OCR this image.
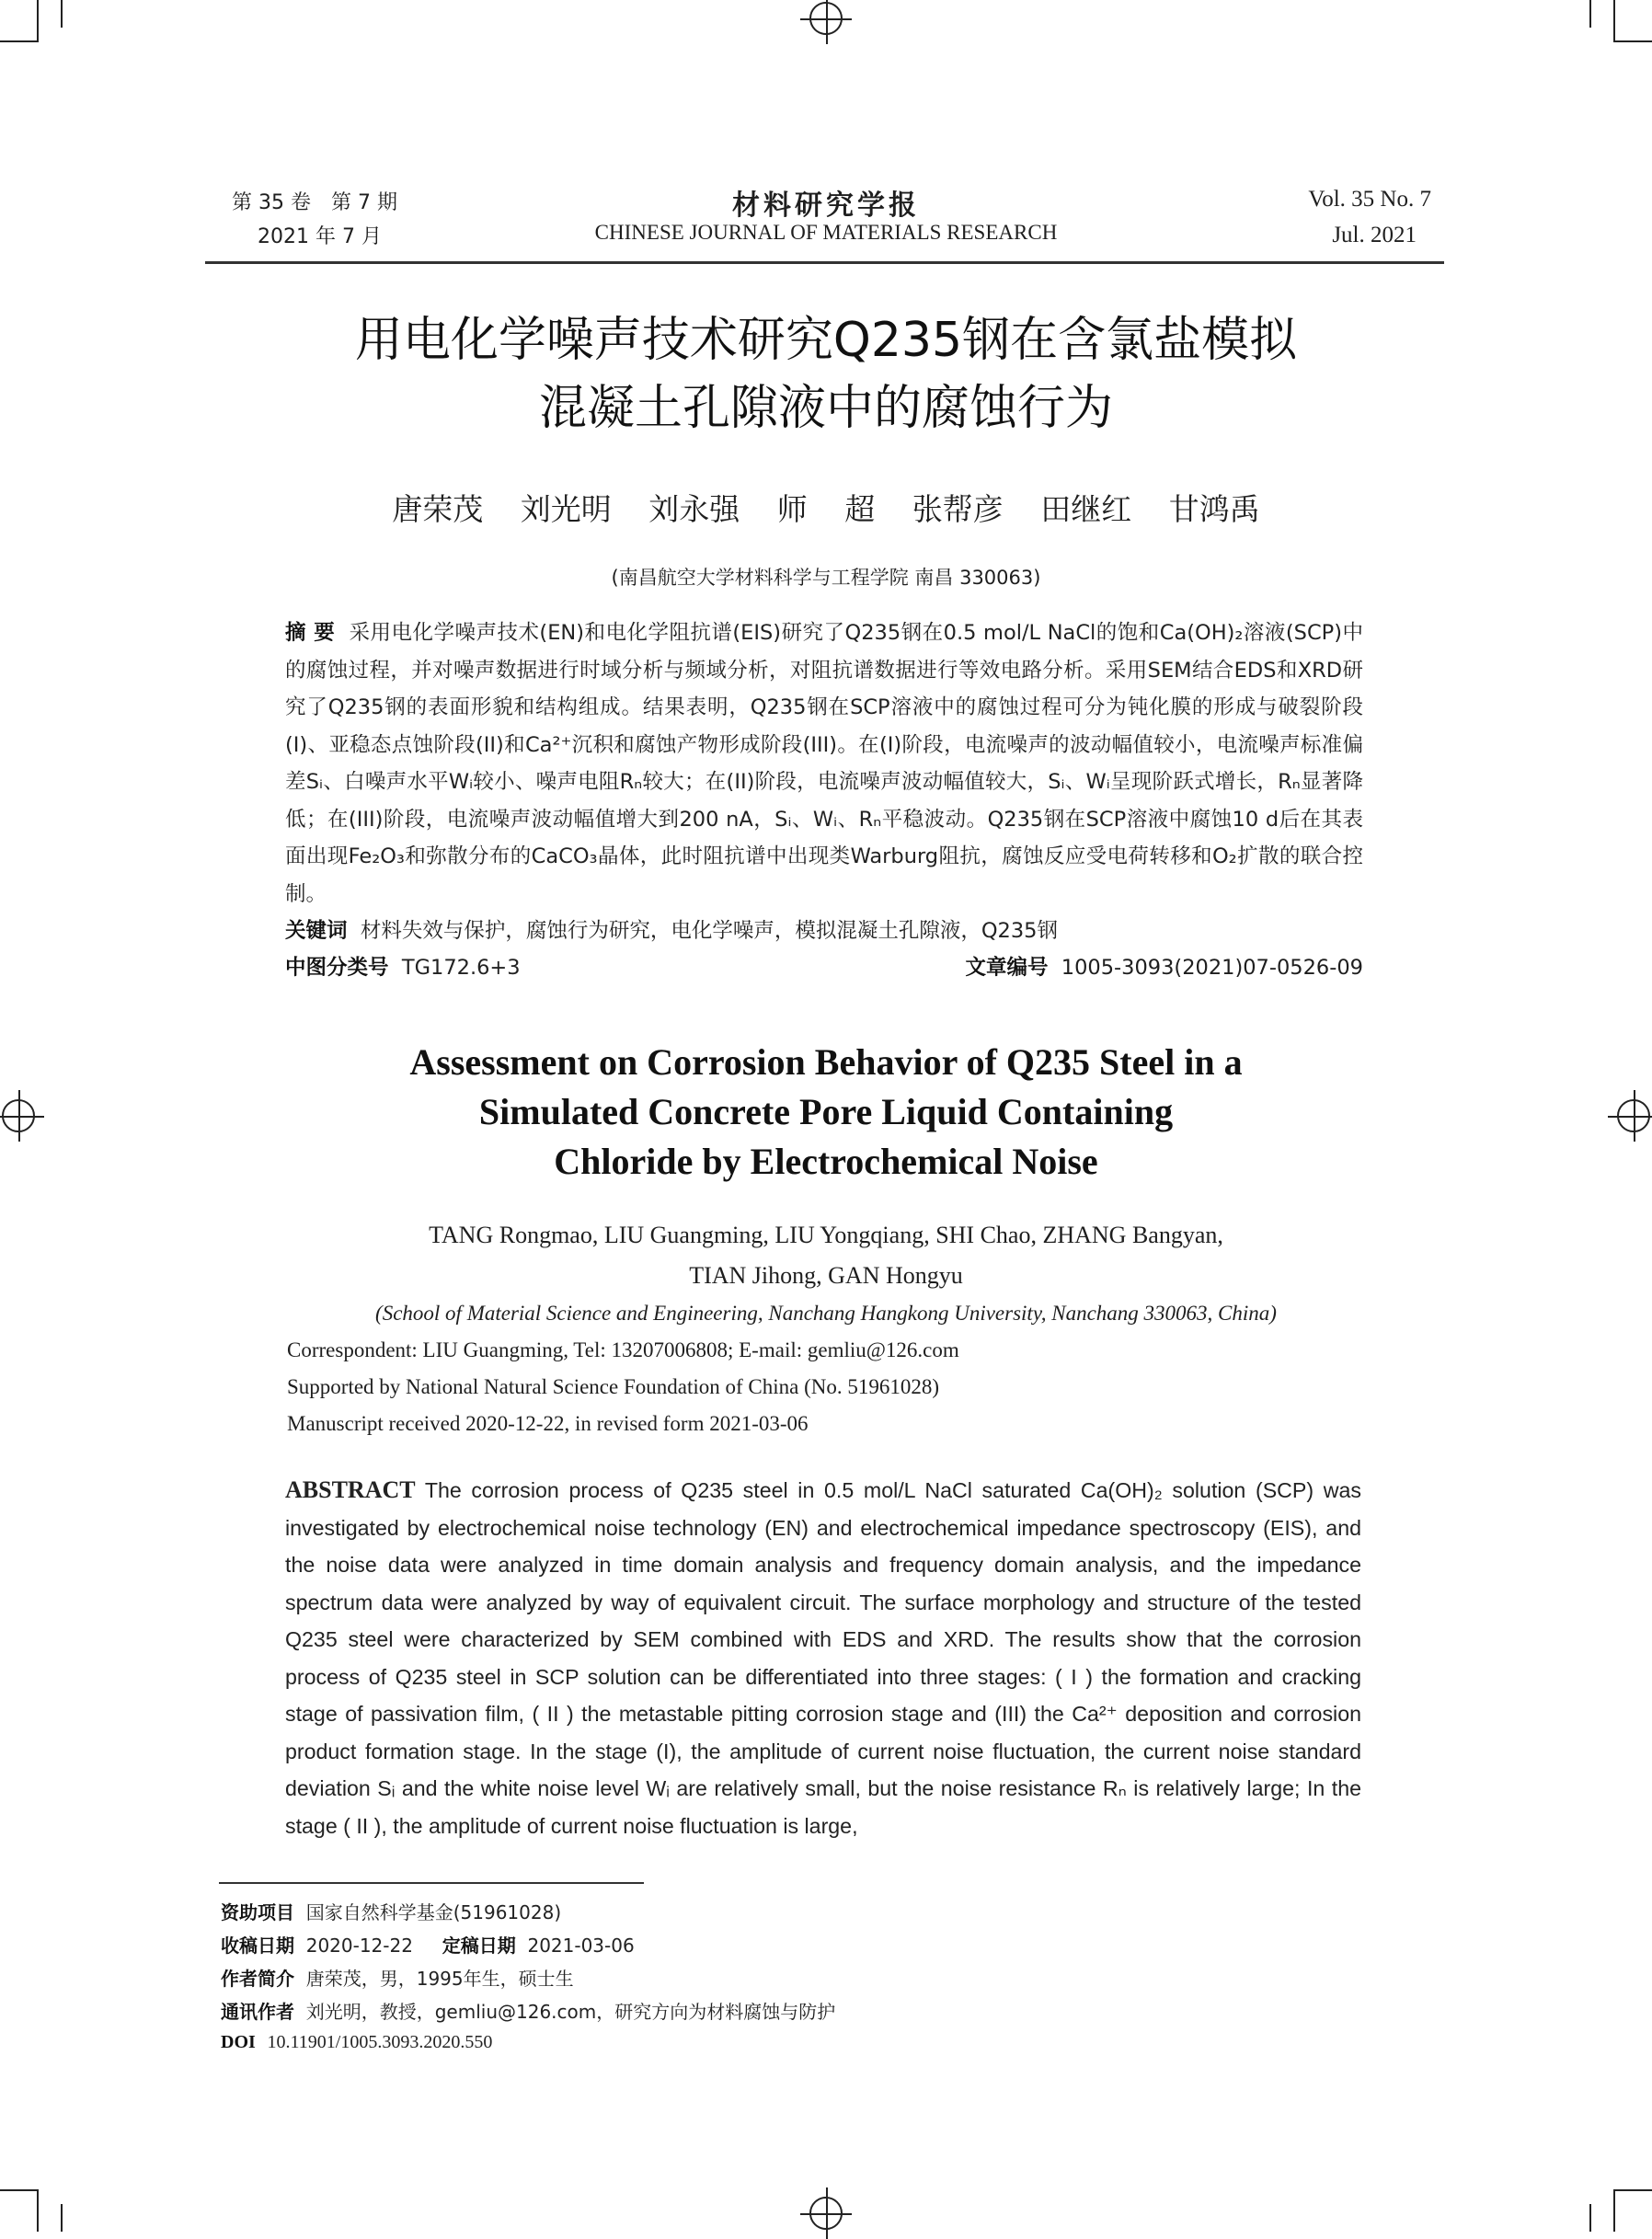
第 35 卷　第 7 期
2021 年 7 月
材料研究学报
CHINESE JOURNAL OF MATERIALS RESEARCH
Vol. 35 No. 7
Jul. 2021
用电化学噪声技术研究Q235钢在含氯盐模拟
混凝土孔隙液中的腐蚀行为
唐荣茂 刘光明 刘永强 师 超 张帮彦 田继红 甘鸿禹
(南昌航空大学材料科学与工程学院 南昌 330063)
摘 要 采用电化学噪声技术(EN)和电化学阻抗谱(EIS)研究了Q235钢在0.5 mol/L NaCl的饱和Ca(OH)₂溶液(SCP)中的腐蚀过程，并对噪声数据进行时域分析与频域分析，对阻抗谱数据进行等效电路分析。采用SEM结合EDS和XRD研究了Q235钢的表面形貌和结构组成。结果表明，Q235钢在SCP溶液中的腐蚀过程可分为钝化膜的形成与破裂阶段(I)、亚稳态点蚀阶段(II)和Ca²⁺沉积和腐蚀产物形成阶段(III)。在(I)阶段，电流噪声的波动幅值较小，电流噪声标准偏差Sᵢ、白噪声水平Wᵢ较小、噪声电阻Rₙ较大；在(II)阶段，电流噪声波动幅值较大，Sᵢ、Wᵢ呈现阶跃式增长，Rₙ显著降低；在(III)阶段，电流噪声波动幅值增大到200 nA，Sᵢ、Wᵢ、Rₙ平稳波动。Q235钢在SCP溶液中腐蚀10 d后在其表面出现Fe₂O₃和弥散分布的CaCO₃晶体，此时阻抗谱中出现类Warburg阻抗，腐蚀反应受电荷转移和O₂扩散的联合控制。
关键词 材料失效与保护，腐蚀行为研究，电化学噪声，模拟混凝土孔隙液，Q235钢
中图分类号 TG172.6+3	文章编号 1005-3093(2021)07-0526-09
Assessment on Corrosion Behavior of Q235 Steel in a
Simulated Concrete Pore Liquid Containing
Chloride by Electrochemical Noise
TANG Rongmao, LIU Guangming, LIU Yongqiang, SHI Chao, ZHANG Bangyan,
TIAN Jihong, GAN Hongyu
(School of Material Science and Engineering, Nanchang Hangkong University, Nanchang 330063, China)
Correspondent: LIU Guangming, Tel: 13207006808; E-mail: gemliu@126.com
Supported by National Natural Science Foundation of China (No. 51961028)
Manuscript received 2020-12-22, in revised form 2021-03-06
ABSTRACT The corrosion process of Q235 steel in 0.5 mol/L NaCl saturated Ca(OH)₂ solution (SCP) was investigated by electrochemical noise technology (EN) and electrochemical impedance spectroscopy (EIS), and the noise data were analyzed in time domain analysis and frequency domain analysis, and the impedance spectrum data were analyzed by way of equivalent circuit. The surface morphology and structure of the tested Q235 steel were characterized by SEM combined with EDS and XRD. The results show that the corrosion process of Q235 steel in SCP solution can be differentiated into three stages: ( I ) the formation and cracking stage of passivation film, ( II ) the metastable pitting corrosion stage and (III) the Ca²⁺ deposition and corrosion product formation stage. In the stage (I), the amplitude of current noise fluctuation, the current noise standard deviation Sᵢ and the white noise level Wᵢ are relatively small, but the noise resistance Rₙ is relatively large; In the stage ( II ), the amplitude of current noise fluctuation is large,
资助项目 国家自然科学基金(51961028)
收稿日期 2020-12-22 定稿日期 2021-03-06
作者简介 唐荣茂，男，1995年生，硕士生
通讯作者 刘光明，教授，gemliu@126.com，研究方向为材料腐蚀与防护
DOI 10.11901/1005.3093.2020.550
